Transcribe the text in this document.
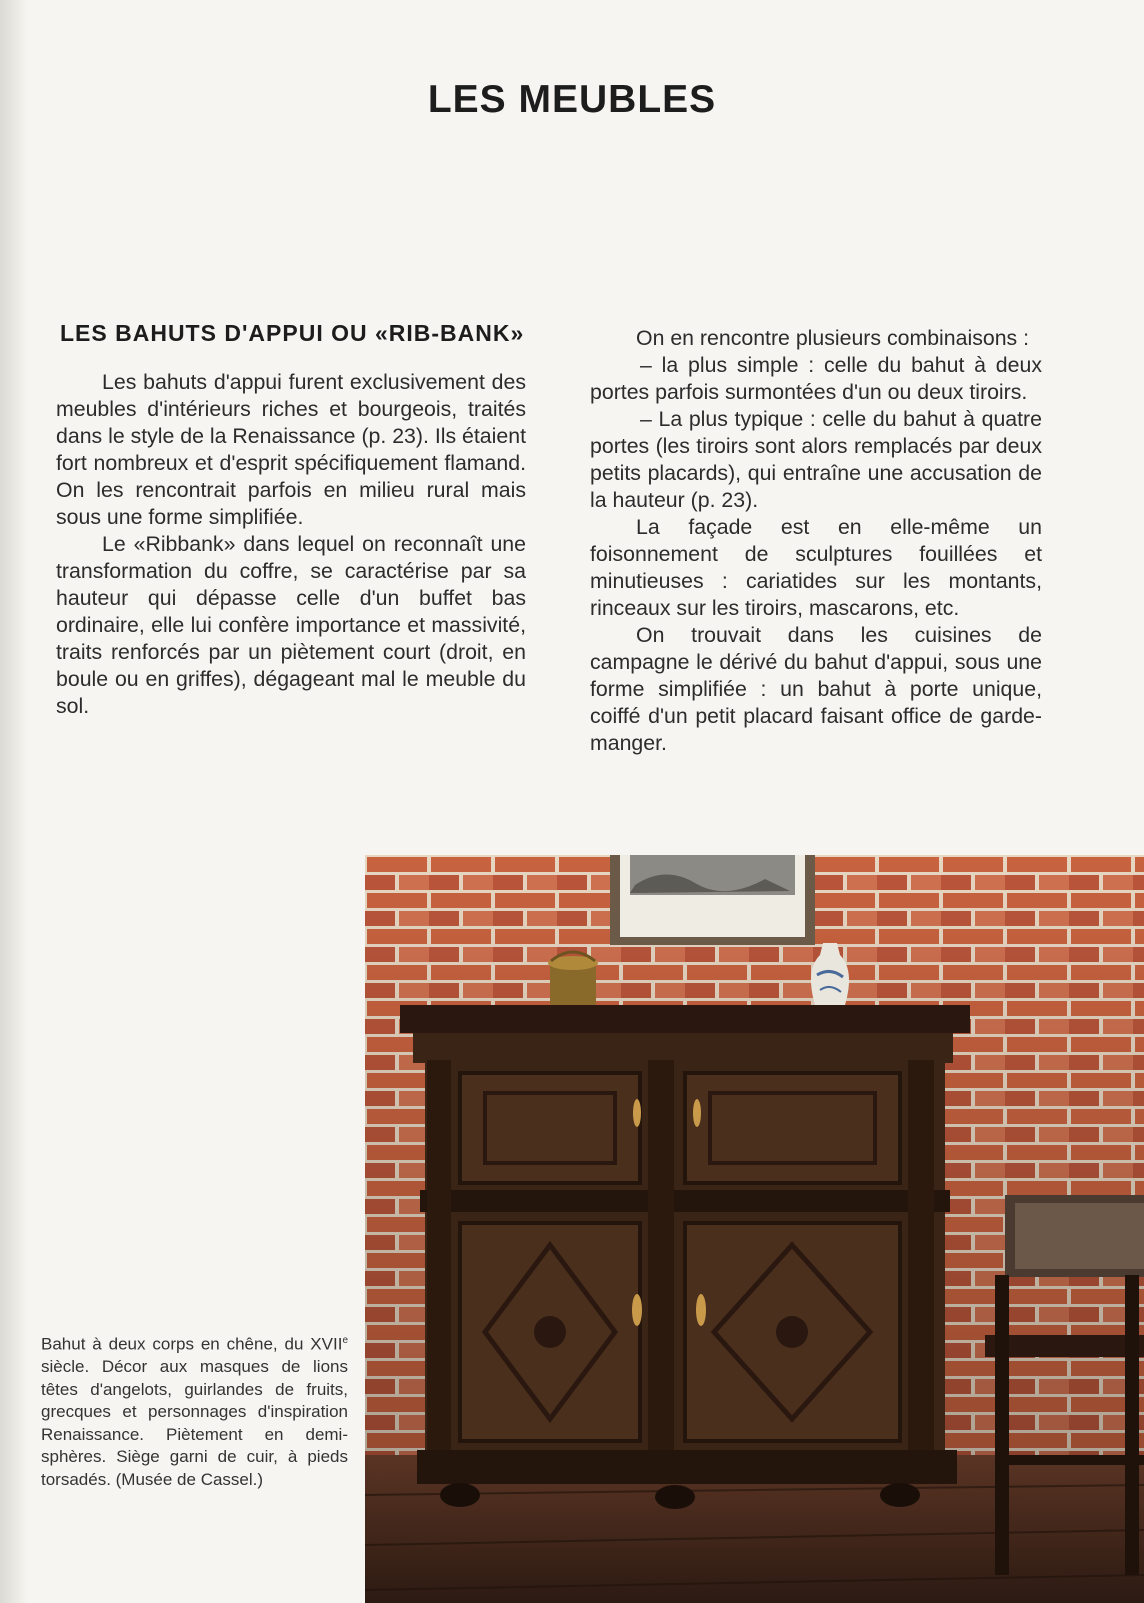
LES MEUBLES
LES BAHUTS D'APPUI OU «RIB-BANK»

Les bahuts d'appui furent exclusivement des meubles d'intérieurs riches et bourgeois, traités dans le style de la Renaissance (p. 23). Ils étaient fort nombreux et d'esprit spécifiquement flamand. On les rencontrait parfois en milieu rural mais sous une forme simplifiée.

Le «Ribbank» dans lequel on reconnaît une transformation du coffre, se caractérise par sa hauteur qui dépasse celle d'un buffet bas ordinaire, elle lui confère importance et massivité, traits renforcés par un piètement court (droit, en boule ou en griffes), dégageant mal le meuble du sol.

On en rencontre plusieurs combinaisons :

– la plus simple : celle du bahut à deux portes parfois surmontées d'un ou deux tiroirs.

– La plus typique : celle du bahut à quatre portes (les tiroirs sont alors remplacés par deux petits placards), qui entraîne une accusation de la hauteur (p. 23).

La façade est en elle-même un foisonnement de sculptures fouillées et minutieuses : cariatides sur les montants, rinceaux sur les tiroirs, mascarons, etc.

On trouvait dans les cuisines de campagne le dérivé du bahut d'appui, sous une forme simplifiée : un bahut à porte unique, coiffé d'un petit placard faisant office de garde-manger.

Bahut à deux corps en chêne, du XVIIe siècle. Décor aux masques de lions têtes d'angelots, guirlandes de fruits, grecques et personnages d'inspiration Renaissance. Piètement en demi-sphères. Siège garni de cuir, à pieds torsadés. (Musée de Cassel.)
